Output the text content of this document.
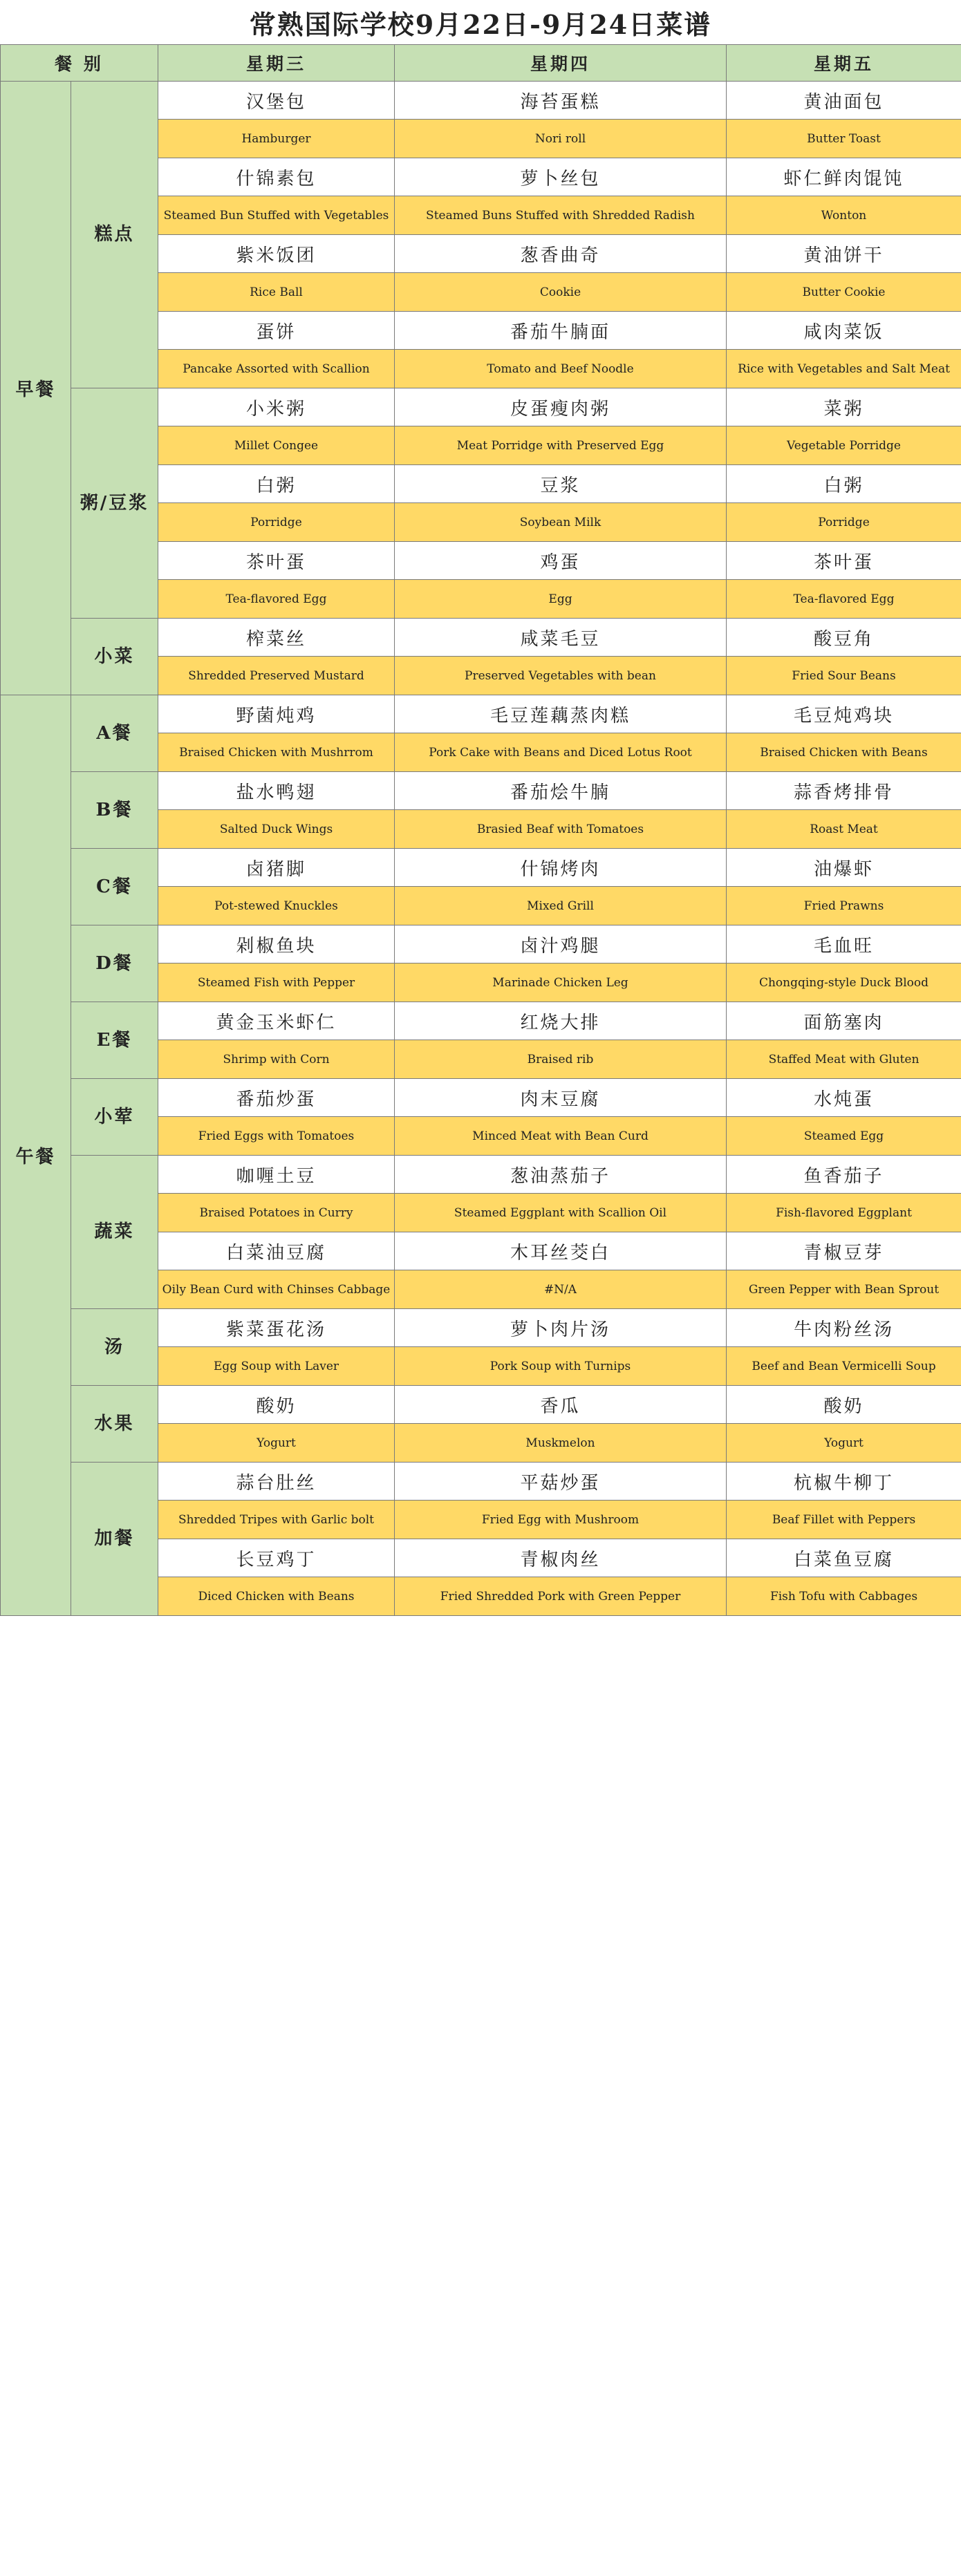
常熟国际学校9月22日-9月24日菜谱
餐 别		星期三	星期四	星期五
早餐	糕点	汉堡包	海苔蛋糕	黄油面包
		Hamburger	Nori roll	Butter Toast
		什锦素包	萝卜丝包	虾仁鲜肉馄饨
		Steamed Bun Stuffed with Vegetables	Steamed Buns Stuffed with Shredded Radish	Wonton
		紫米饭团	葱香曲奇	黄油饼干
		Rice Ball	Cookie	Butter Cookie
		蛋饼	番茄牛腩面	咸肉菜饭
		Pancake Assorted with Scallion	Tomato and Beef Noodle	Rice with Vegetables and Salt Meat
	粥/豆浆	小米粥	皮蛋瘦肉粥	菜粥
		Millet Congee	Meat Porridge with Preserved Egg	Vegetable Porridge
		白粥	豆浆	白粥
		Porridge	Soybean Milk	Porridge
		茶叶蛋	鸡蛋	茶叶蛋
		Tea-flavored Egg	Egg	Tea-flavored Egg
	小菜	榨菜丝	咸菜毛豆	酸豆角
		Shredded Preserved Mustard	Preserved Vegetables with bean	Fried Sour Beans
午餐	A餐	野菌炖鸡	毛豆莲藕蒸肉糕	毛豆炖鸡块
		Braised Chicken with Mushrrom	Pork Cake with Beans and Diced Lotus Root	Braised Chicken with Beans
	B餐	盐水鸭翅	番茄烩牛腩	蒜香烤排骨
		Salted Duck Wings	Brasied Beaf with Tomatoes	Roast Meat
	C餐	卤猪脚	什锦烤肉	油爆虾
		Pot-stewed Knuckles	Mixed Grill	Fried Prawns
	D餐	剁椒鱼块	卤汁鸡腿	毛血旺
		Steamed Fish with Pepper	Marinade Chicken Leg	Chongqing-style Duck Blood
	E餐	黄金玉米虾仁	红烧大排	面筋塞肉
		Shrimp with Corn	Braised rib	Staffed Meat with Gluten
	小荤	番茄炒蛋	肉末豆腐	水炖蛋
		Fried Eggs with Tomatoes	Minced Meat with Bean Curd	Steamed Egg
	蔬菜	咖喱土豆	葱油蒸茄子	鱼香茄子
		Braised Potatoes in Curry	Steamed Eggplant with Scallion Oil	Fish-flavored Eggplant
		白菜油豆腐	木耳丝茭白	青椒豆芽
		Oily Bean Curd with Chinses Cabbage	#N/A	Green Pepper with Bean Sprout
	汤	紫菜蛋花汤	萝卜肉片汤	牛肉粉丝汤
		Egg Soup with Laver	Pork Soup with Turnips	Beef and Bean Vermicelli Soup
	水果	酸奶	香瓜	酸奶
		Yogurt	Muskmelon	Yogurt
	加餐	蒜台肚丝	平菇炒蛋	杭椒牛柳丁
		Shredded Tripes with Garlic bolt	Fried Egg with Mushroom	Beaf Fillet with Peppers
		长豆鸡丁	青椒肉丝	白菜鱼豆腐
		Diced Chicken with Beans	Fried Shredded Pork with Green Pepper	Fish Tofu with Cabbages
